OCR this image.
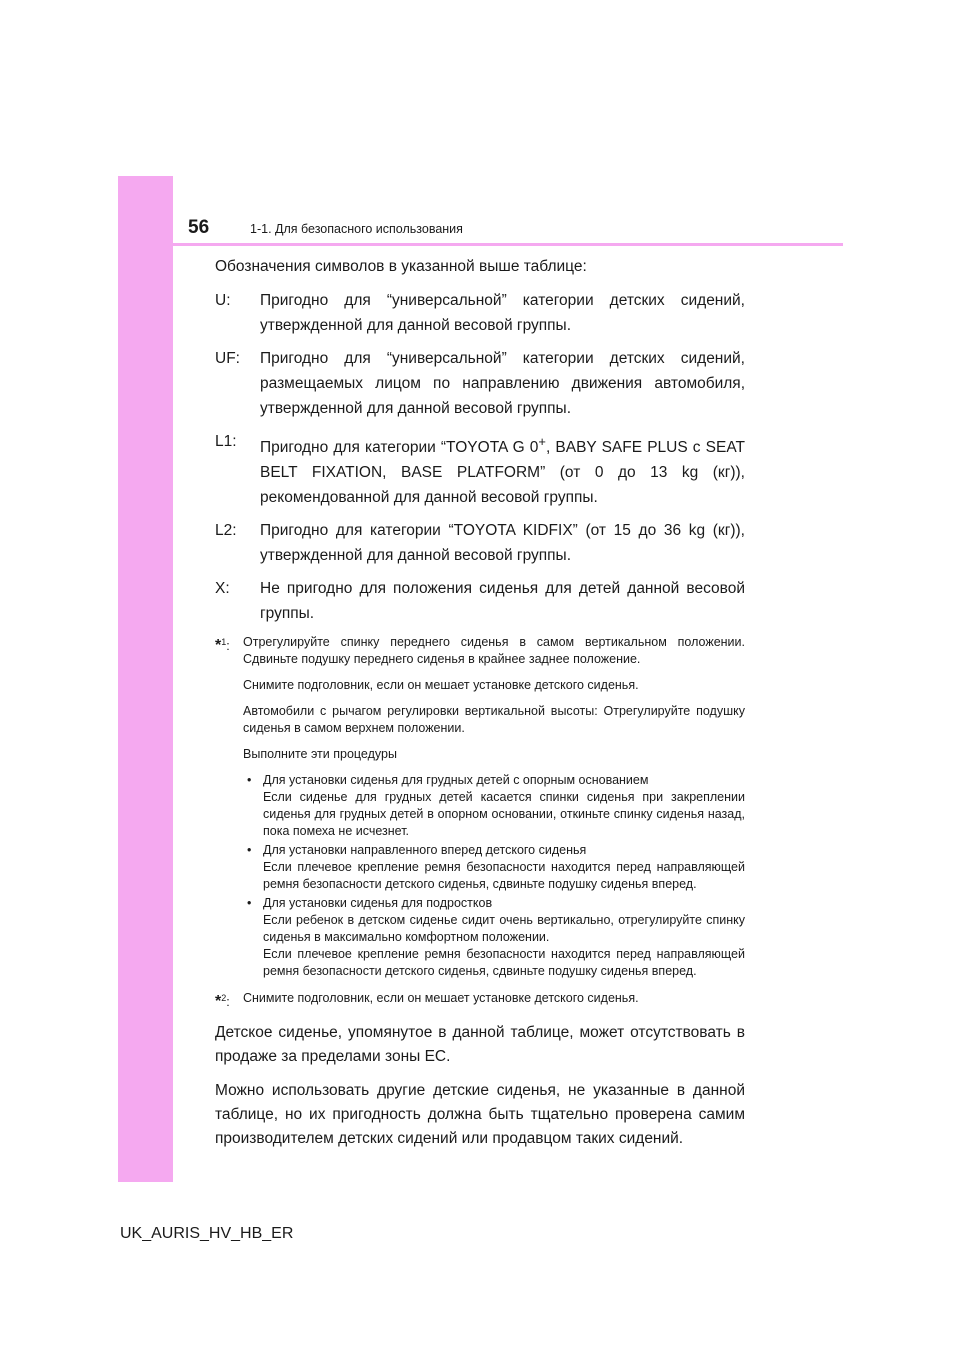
56	1-1. Для безопасного использования

Обозначения символов в указанной выше таблице:

U:	Пригодно для “универсальной” категории детских сидений, утвержденной для данной весовой группы.
UF:	Пригодно для “универсальной” категории детских сидений, размещаемых лицом по направлению движения автомобиля, утвержденной для данной весовой группы.
L1:	Пригодно для категории “TOYOTA G 0+, BABY SAFE PLUS с SEAT BELT FIXATION, BASE PLATFORM” (от 0 до 13 kg (кг)), рекомендованной для данной весовой группы.
L2:	Пригодно для категории “TOYOTA KIDFIX” (от 15 до 36 kg (кг)), утвержденной для данной весовой группы.
X:	Не пригодно для положения сиденья для детей данной весовой группы.
*$^1$:	Отрегулируйте спинку переднего сиденья в самом вертикальном положении. Сдвиньте подушку переднего сиденья в крайнее заднее положение.

Снимите подголовник, если он мешает установке детского сиденья.

Автомобили с рычагом регулировки вертикальной высоты: Отрегулируйте подушку сиденья в самом верхнем положении.

Выполните эти процедуры

• Для установки сиденья для грудных детей с опорным основанием
Если сиденье для грудных детей касается спинки сиденья при закреплении сиденья для грудных детей в опорном основании, откиньте спинку сиденья назад, пока помеха не исчезнет.
• Для установки направленного вперед детского сиденья
Если плечевое крепление ремня безопасности находится перед направляющей ремня безопасности детского сиденья, сдвиньте подушку сиденья вперед.
• Для установки сиденья для подростков
Если ребенок в детском сиденье сидит очень вертикально, отрегулируйте спинку сиденья в максимально комфортном положении.
Если плечевое крепление ремня безопасности находится перед направляющей ремня безопасности детского сиденья, сдвиньте подушку сиденья вперед.
*$^2$:	Снимите подголовник, если он мешает установке детского сиденья.

Детское сиденье, упомянутое в данной таблице, может отсутствовать в продаже за пределами зоны ЕС.

Можно использовать другие детские сиденья, не указанные в данной таблице, но их пригодность должна быть тщательно проверена самим производителем детских сидений или продавцом таких сидений.

UK_AURIS_HV_HB_ER
